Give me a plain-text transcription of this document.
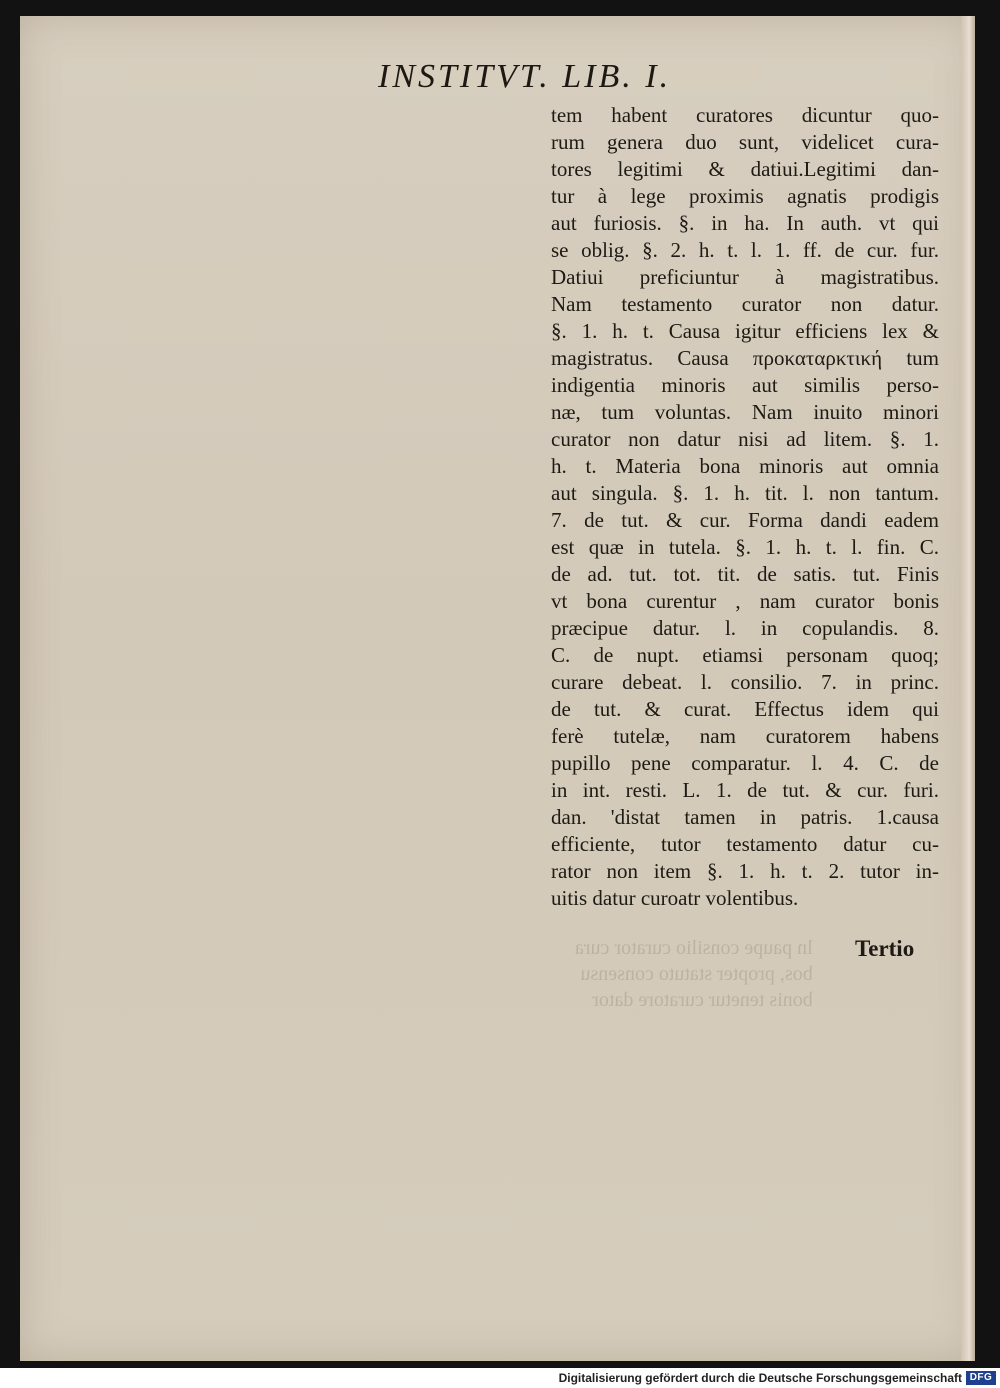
ln paupe consilio curator cura
bos, propter statuto consensu
bonis tenetur curatore dator
INSTITVT. LIB. I.
tem habent curatores dicuntur quo-
rum genera duo sunt, videlicet cura-
tores legitimi & datiui.Legitimi dan-
tur à lege proximis agnatis prodigis
aut furiosis. §. in ha. In auth. vt qui
se oblig. §. 2. h. t. l. 1. ff. de cur. fur.
Datiui preficiuntur à magistratibus.
Nam testamento curator non datur.
§. 1. h. t. Causa igitur efficiens lex &
magistratus. Causa προκαταρκτική tum
indigentia minoris aut similis perso-
næ, tum voluntas. Nam inuito minori
curator non datur nisi ad litem. §. 1.
h. t. Materia bona minoris aut omnia
aut singula. §. 1. h. tit. l. non tantum.
7. de tut. & cur. Forma dandi eadem
est quæ in tutela. §. 1. h. t. l. fin. C.
de ad. tut. tot. tit. de satis. tut. Finis
vt bona curentur , nam curator bonis
præcipue datur. l. in copulandis. 8.
C. de nupt. etiamsi personam quoq;
curare debeat. l. consilio. 7. in princ.
de tut. & curat. Effectus idem qui
ferè tutelæ, nam curatorem habens
pupillo pene comparatur. l. 4. C. de
in int. resti. L. 1. de tut. & cur. furi.
dan. 'distat tamen in patris. 1.causa
efficiente, tutor testamento datur cu-
rator non item §. 1. h. t. 2. tutor in-
uitis datur curoatr volentibus.
Tertio
Digitalisierung gefördert durch die Deutsche Forschungsgemeinschaft DFG
